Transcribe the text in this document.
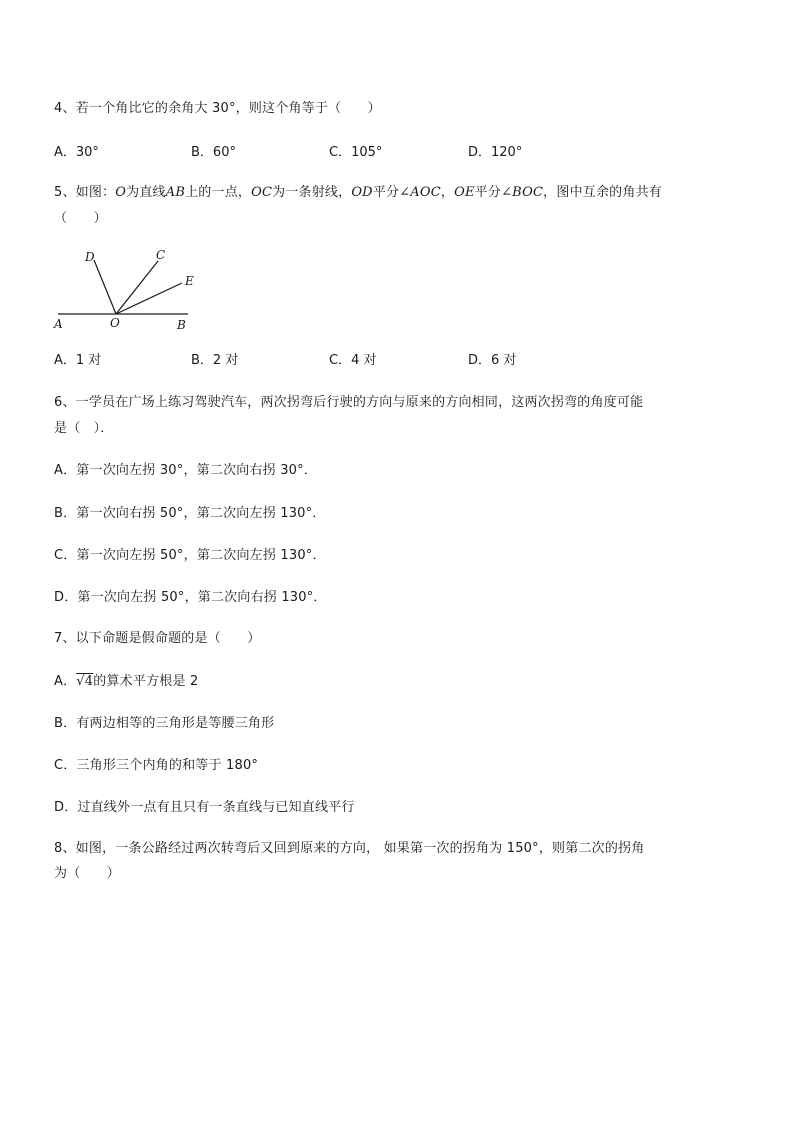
4、若一个角比它的余角大 30°，则这个角等于（　　）
A．30°	B．60°	C．105°	D．120°
5、如图：O为直线AB上的一点，OC为一条射线，OD平分∠AOC，OE平分∠BOC，图中互余的角共有
（　　）
D	C
E
A	O	B
A．1 对	B．2 对	C．4 对	D．6 对
6、一学员在广场上练习驾驶汽车，两次拐弯后行驶的方向与原来的方向相同，这两次拐弯的角度可能
是（　）．
A．第一次向左拐 30°，第二次向右拐 30°．
B．第一次向右拐 50°，第二次向左拐 130°．
C．第一次向左拐 50°，第二次向左拐 130°．
D．第一次向左拐 50°，第二次向右拐 130°．
7、以下命题是假命题的是（　　）
A．√4的算术平方根是 2
B．有两边相等的三角形是等腰三角形
C．三角形三个内角的和等于 180°
D．过直线外一点有且只有一条直线与已知直线平行
8、如图，一条公路经过两次转弯后又回到原来的方向， 如果第一次的拐角为 150°，则第二次的拐角
为（　　）
